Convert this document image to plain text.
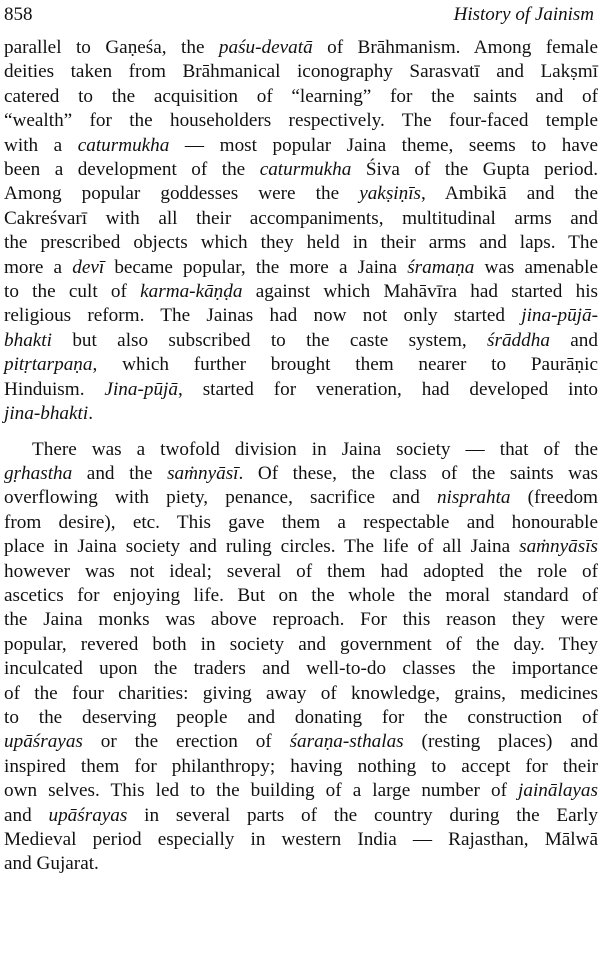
858	History of Jainism
parallel to Gaṇeśa, the paśu-devatā of Brāhmanism. Among female
deities taken from Brāhmanical iconography Sarasvatī and Lakṣmī
catered to the acquisition of “learning” for the saints and of
“wealth” for the householders respectively. The four-faced temple
with a caturmukha — most popular Jaina theme, seems to have
been a development of the caturmukha Śiva of the Gupta period.
Among popular goddesses were the yakṣiṇīs, Ambikā and the
Cakreśvarī with all their accompaniments, multitudinal arms and
the prescribed objects which they held in their arms and laps. The
more a devī became popular, the more a Jaina śramaṇa was amenable
to the cult of karma-kāṇḍa against which Mahāvīra had started his
religious reform. The Jainas had now not only started jina-pūjā-
bhakti but also subscribed to the caste system, śrāddha and
pitṛtarpaṇa, which further brought them nearer to Paurāṇic
Hinduism. Jina-pūjā, started for veneration, had developed into
jina-bhakti.
There was a twofold division in Jaina society — that of the
gṛhastha and the saṁnyāsī. Of these, the class of the saints was
overflowing with piety, penance, sacrifice and nisprahta (freedom
from desire), etc. This gave them a respectable and honourable
place in Jaina society and ruling circles. The life of all Jaina saṁnyāsīs
however was not ideal; several of them had adopted the role of
ascetics for enjoying life. But on the whole the moral standard of
the Jaina monks was above reproach. For this reason they were
popular, revered both in society and government of the day. They
inculcated upon the traders and well-to-do classes the importance
of the four charities: giving away of knowledge, grains, medicines
to the deserving people and donating for the construction of
upāśrayas or the erection of śaraṇa-sthalas (resting places) and
inspired them for philanthropy; having nothing to accept for their
own selves. This led to the building of a large number of jainālayas
and upāśrayas in several parts of the country during the Early
Medieval period especially in western India — Rajasthan, Mālwā
and Gujarat.
